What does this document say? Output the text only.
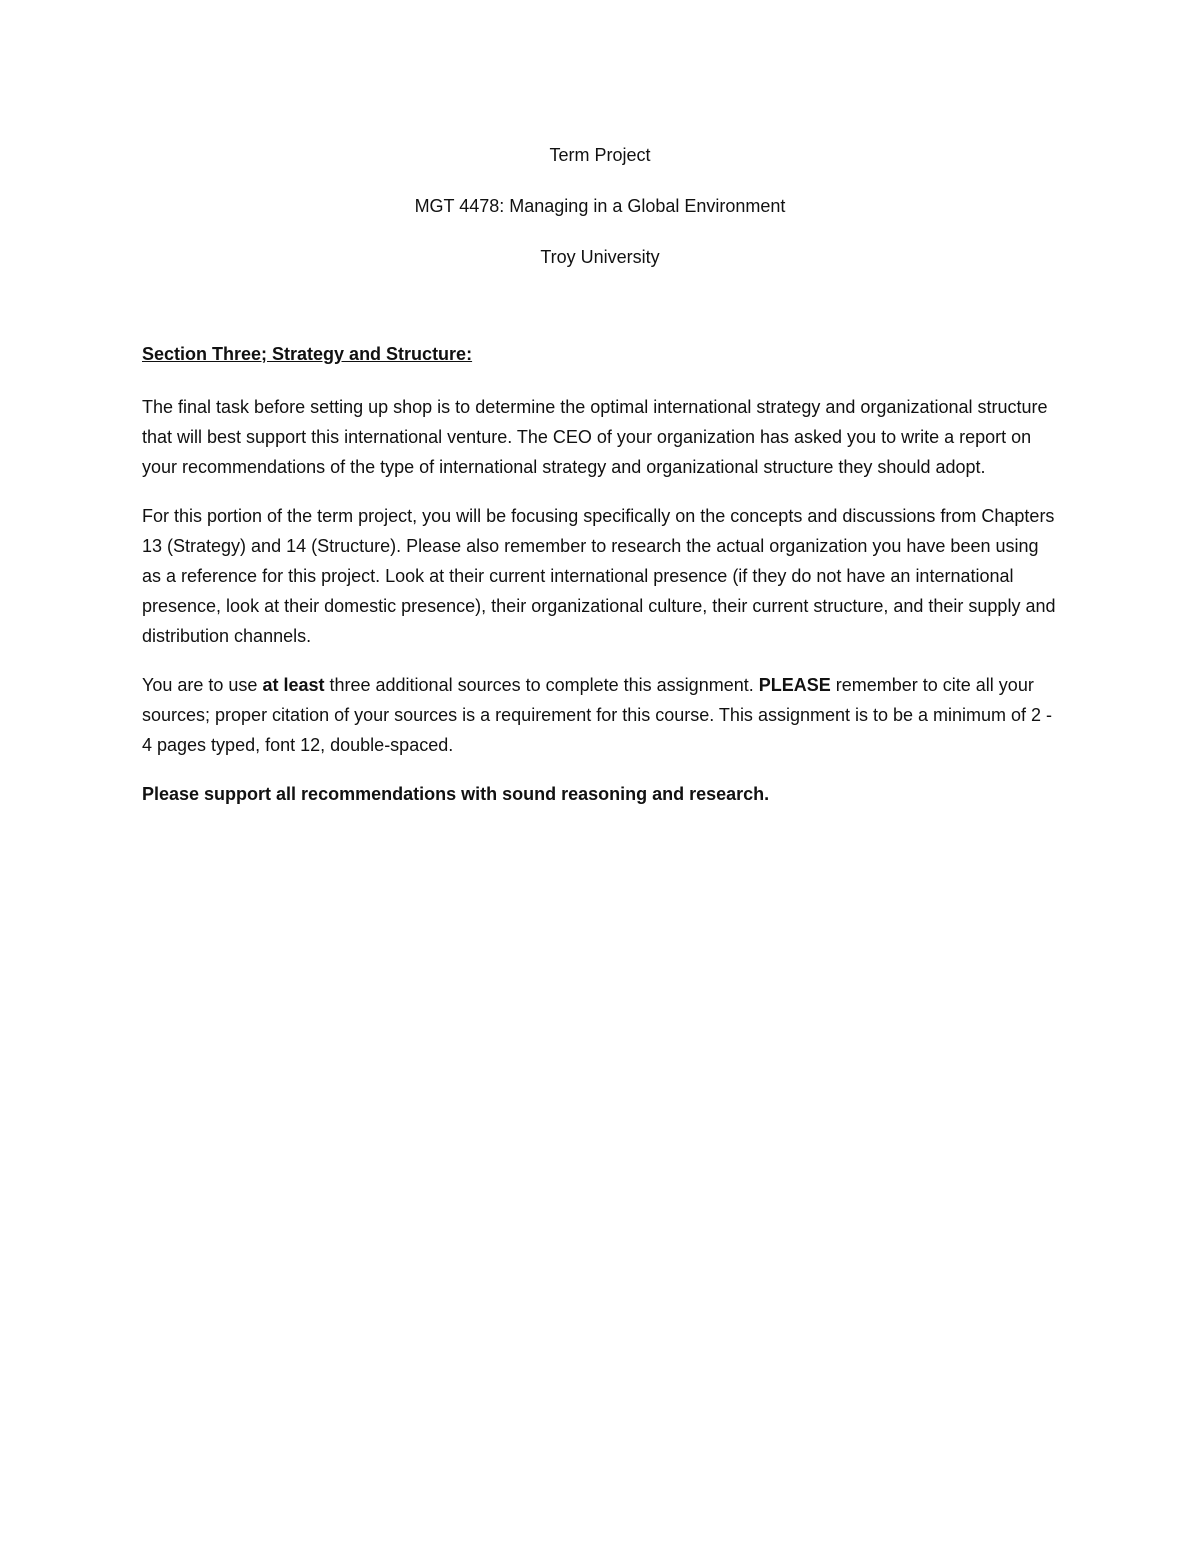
Term Project
MGT 4478: Managing in a Global Environment
Troy University

Section Three; Strategy and Structure:

The final task before setting up shop is to determine the optimal international strategy and organizational structure that will best support this international venture. The CEO of your organization has asked you to write a report on your recommendations of the type of international strategy and organizational structure they should adopt.

For this portion of the term project, you will be focusing specifically on the concepts and discussions from Chapters 13 (Strategy) and 14 (Structure). Please also remember to research the actual organization you have been using as a reference for this project. Look at their current international presence (if they do not have an international presence, look at their domestic presence), their organizational culture, their current structure, and their supply and distribution channels.

You are to use at least three additional sources to complete this assignment. PLEASE remember to cite all your sources; proper citation of your sources is a requirement for this course. This assignment is to be a minimum of 2 - 4 pages typed, font 12, double-spaced.

Please support all recommendations with sound reasoning and research.
